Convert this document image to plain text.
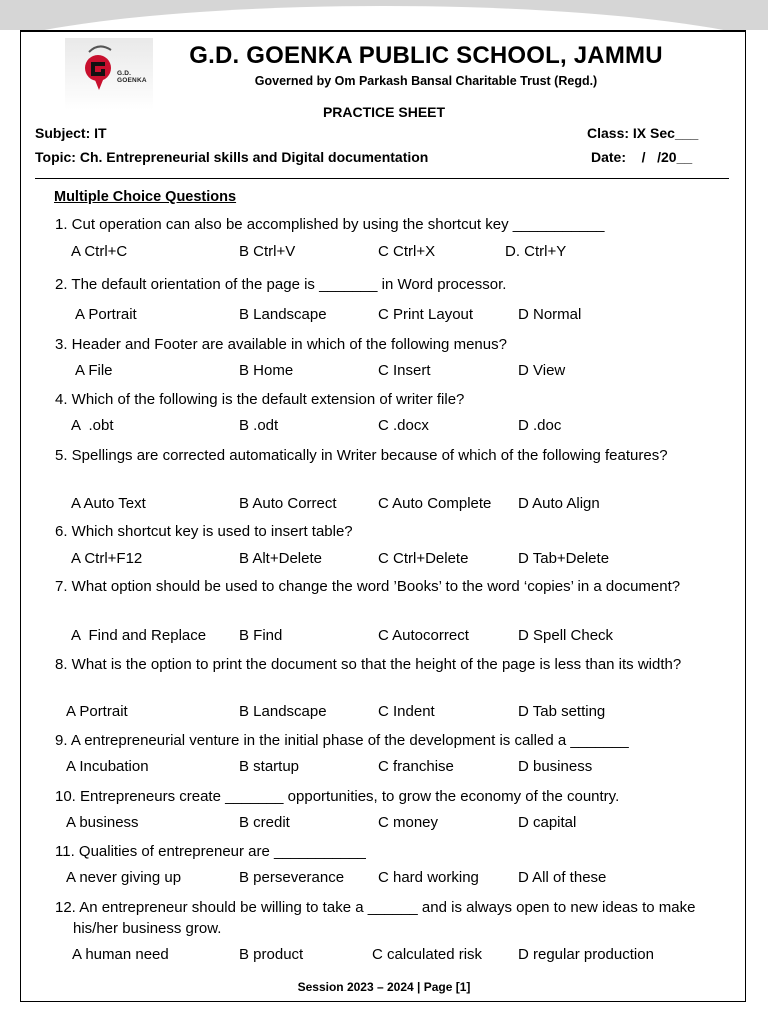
G.D. GOENKA
G.D. GOENKA PUBLIC SCHOOL, JAMMU
Governed by Om Parkash Bansal Charitable Trust (Regd.)
PRACTICE SHEET
Subject: IT	Class: IX Sec___
Topic: Ch. Entrepreneurial skills and Digital documentation	Date:    /   /20__
Multiple Choice Questions
1. Cut operation can also be accomplished by using the shortcut key ___________
A Ctrl+C	B Ctrl+V	C Ctrl+X	D. Ctrl+Y
2. The default orientation of the page is _______ in Word processor.
A Portrait	B Landscape	C Print Layout	D Normal
3. Header and Footer are available in which of the following menus?
A File	B Home	C Insert	D View
4. Which of the following is the default extension of writer file?
A  .obt	B .odt	C .docx	D .doc
5. Spellings are corrected automatically in Writer because of which of the following features?
A Auto Text	B Auto Correct	C Auto Complete D Auto Align
6. Which shortcut key is used to insert table?
A Ctrl+F12	B Alt+Delete	C Ctrl+Delete	D Tab+Delete
7. What option should be used to change the word ’Books’ to the word ‘copies’ in a document?
A  Find and Replace B Find	C Autocorrect	D Spell Check
8. What is the option to print the document so that the height of the page is less than its width?
A Portrait	B Landscape	C Indent	D Tab setting
9. A entrepreneurial venture in the initial phase of the development is called a _______
A Incubation	B startup	C franchise	D business
10. Entrepreneurs create _______ opportunities, to grow the economy of the country.
A business	B credit	C money	D capital
11. Qualities of entrepreneur are ___________
A never giving up	B perseverance C hard working	D All of these
12. An entrepreneur should be willing to take a ______ and is always open to new ideas to make his/her business grow.
A human need	B product	C calculated risk D regular production
Session 2023 – 2024 | Page [1]
